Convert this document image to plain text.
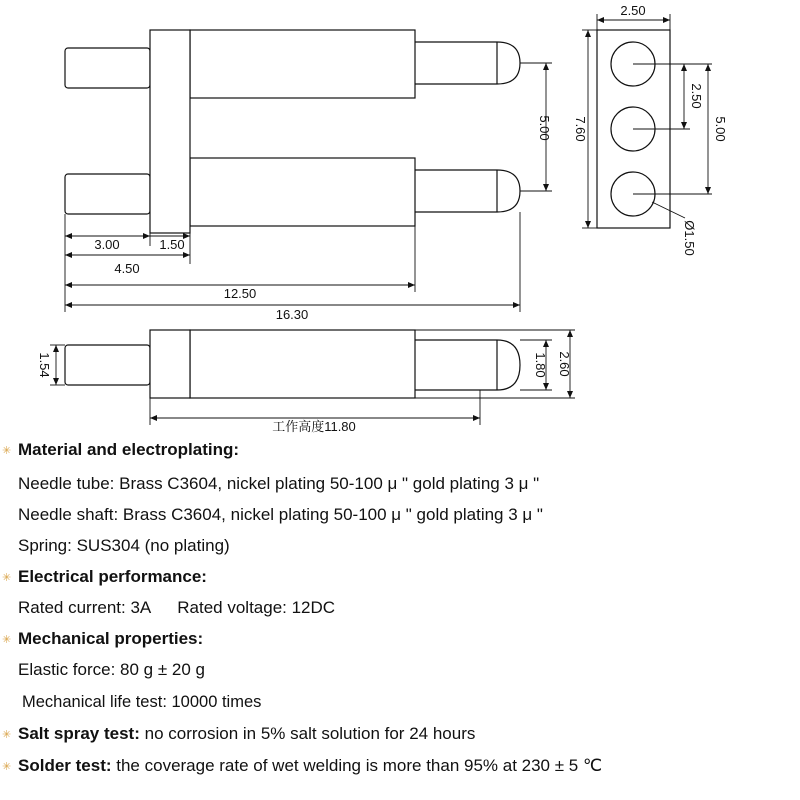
5.00
3.00	1.50
4.50
12.50
16.30
2.50
7.60
2.50
5.00
Ø1.50
1.54	1.80 2.60
工作高度11.80
✳ Material and electroplating:
Needle tube: Brass C3604, nickel plating 50-100 μ " gold plating 3 μ "
Needle shaft: Brass C3604, nickel plating 50-100 μ " gold plating 3 μ "
Spring: SUS304 (no plating)
✳ Electrical performance:
Rated current: 3A Rated voltage: 12DC
✳ Mechanical properties:
Elastic force: 80 g ± 20 g
Mechanical life test: 10000 times
✳ Salt spray test: no corrosion in 5% salt solution for 24 hours
✳ Solder test: the coverage rate of wet welding is more than 95% at 230 ± 5 ℃
